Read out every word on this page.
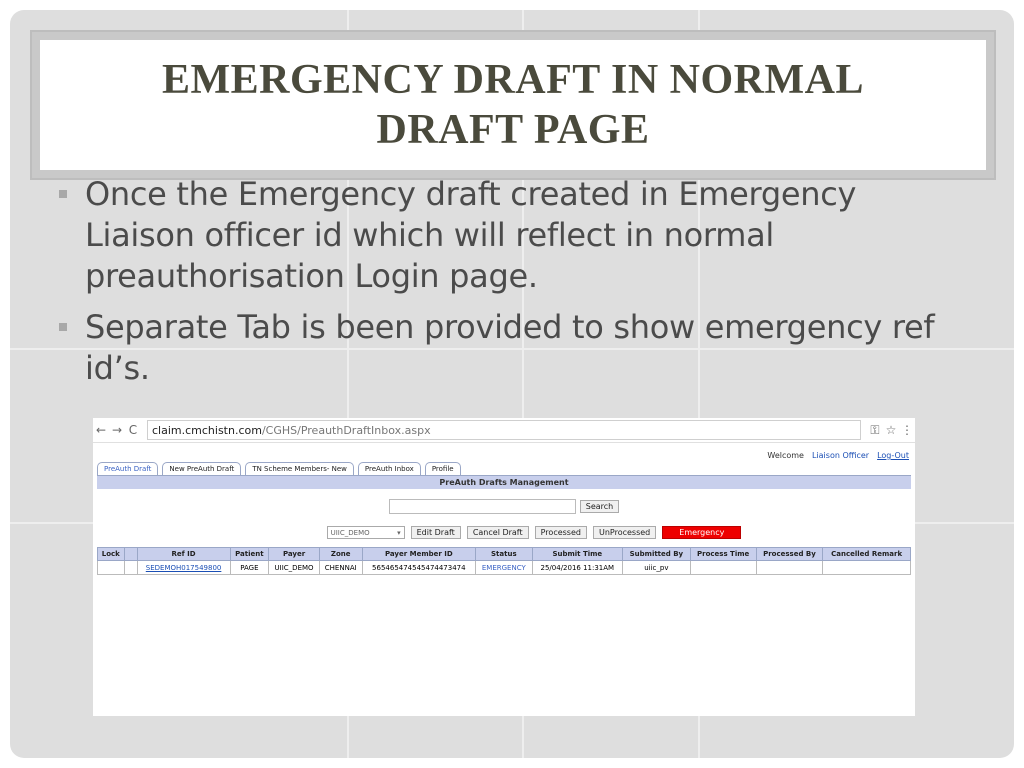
EMERGENCY DRAFT IN NORMAL
DRAFT PAGE
Once the Emergency draft created in Emergency Liaison officer id which will reflect in normal preauthorisation Login page.
Separate Tab is been provided to show emergency ref id’s.
← → C	claim.cmchistn.com /CGHS/PreauthDraftInbox.aspx	⚿ ☆ ⋮
Welcome Liaison Officer Log-Out
PreAuth Draft	New PreAuth Draft	TN Scheme Members- New	PreAuth Inbox	Profile
PreAuth Drafts Management
Search
UIIC_DEMO	▾	Edit Draft	Cancel Draft	Processed	UnProcessed	Emergency
Lock		Ref ID	Patient	Payer	Zone	Payer Member ID	Status	Submit Time	Submitted By	Process Time	Processed By	Cancelled Remark
		SEDEMOH017549800	PAGE	UIIC_DEMO	CHENNAI	565465474545474473474	EMERGENCY	25/04/2016 11:31AM	uiic_pv			
